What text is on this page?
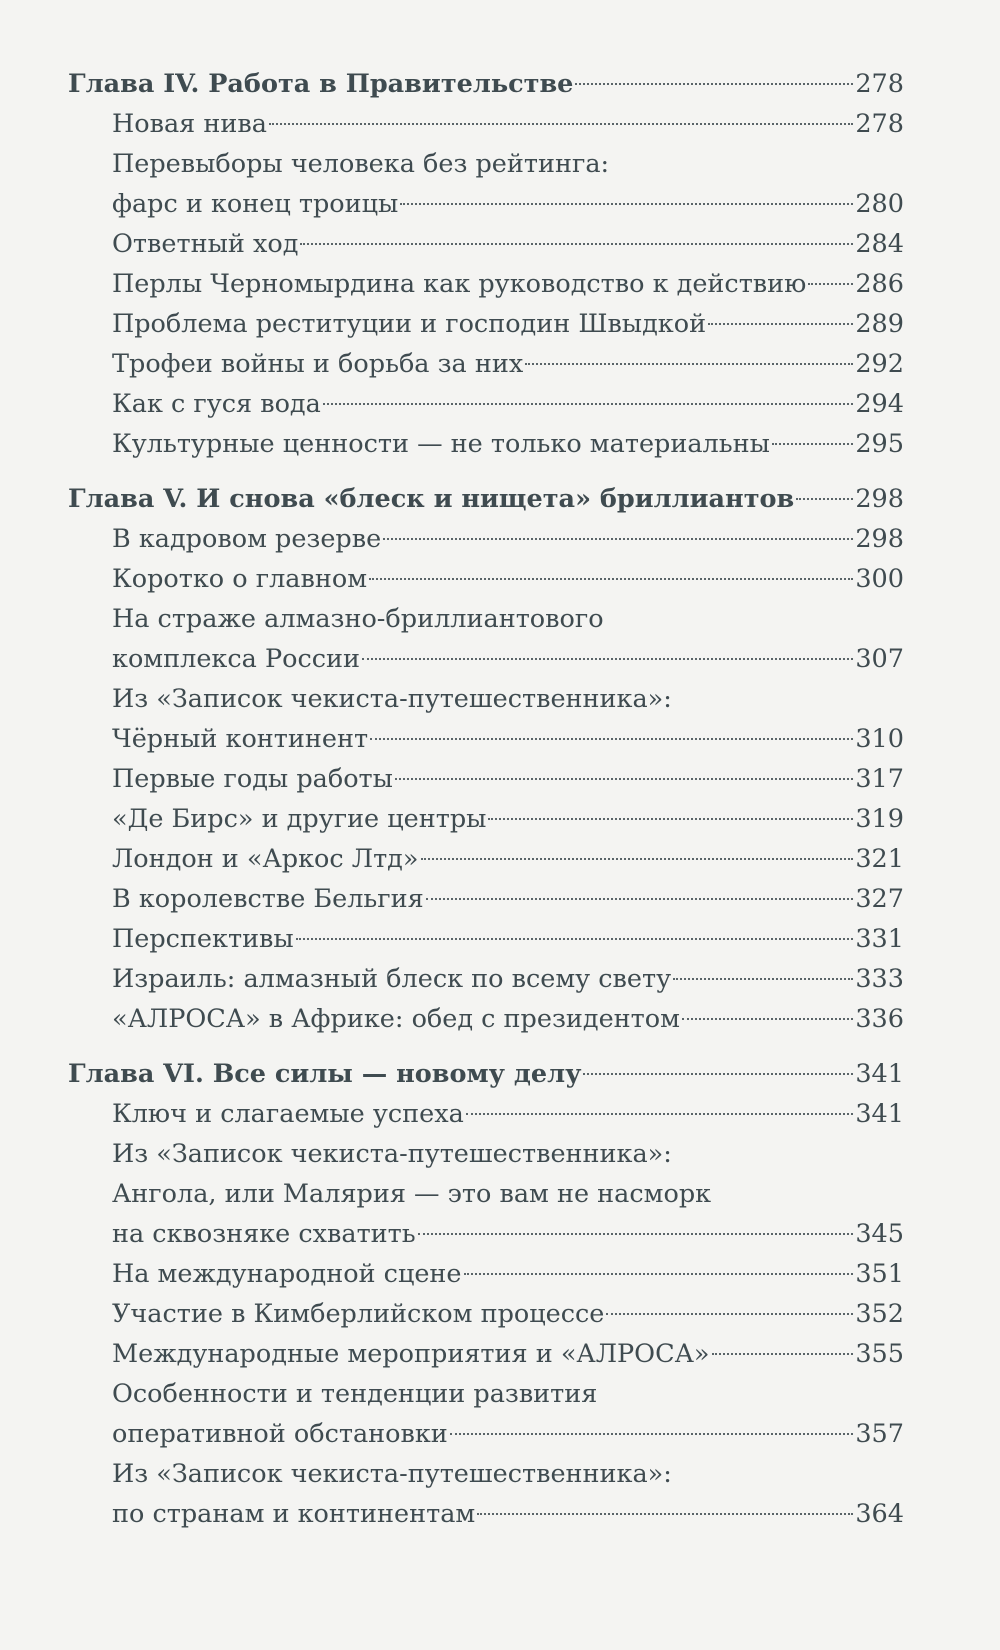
Глава IV. Работа в Правительстве	278
Новая нива	278
Перевыборы человека без рейтинга:
фарс и конец троицы	280
Ответный ход	284
Перлы Черномырдина как руководство к действию 286
Проблема реституции и господин Швыдкой	289
Трофеи войны и борьба за них	292
Как с гуся вода	294
Культурные ценности — не только материальны	295
Глава V. И снова «блеск и нищета» бриллиантов 298
В кадровом резерве	298
Коротко о главном	300
На страже алмазно-бриллиантового
комплекса России	307
Из «Записок чекиста-путешественника»:
Чёрный континент	310
Первые годы работы	317
«Де Бирс» и другие центры	319
Лондон и «Аркос Лтд»	321
В королевстве Бельгия	327
Перспективы	331
Израиль: алмазный блеск по всему свету	333
«АЛРОСА» в Африке: обед с президентом	336
Глава VI. Все силы — новому делу	341
Ключ и слагаемые успеха	341
Из «Записок чекиста-путешественника»:
Ангола, или Малярия — это вам не насморк
на сквозняке схватить	345
На международной сцене	351
Участие в Кимберлийском процессе	352
Международные мероприятия и «АЛРОСА»	355
Особенности и тенденции развития
оперативной обстановки	357
Из «Записок чекиста-путешественника»:
по странам и континентам	364
